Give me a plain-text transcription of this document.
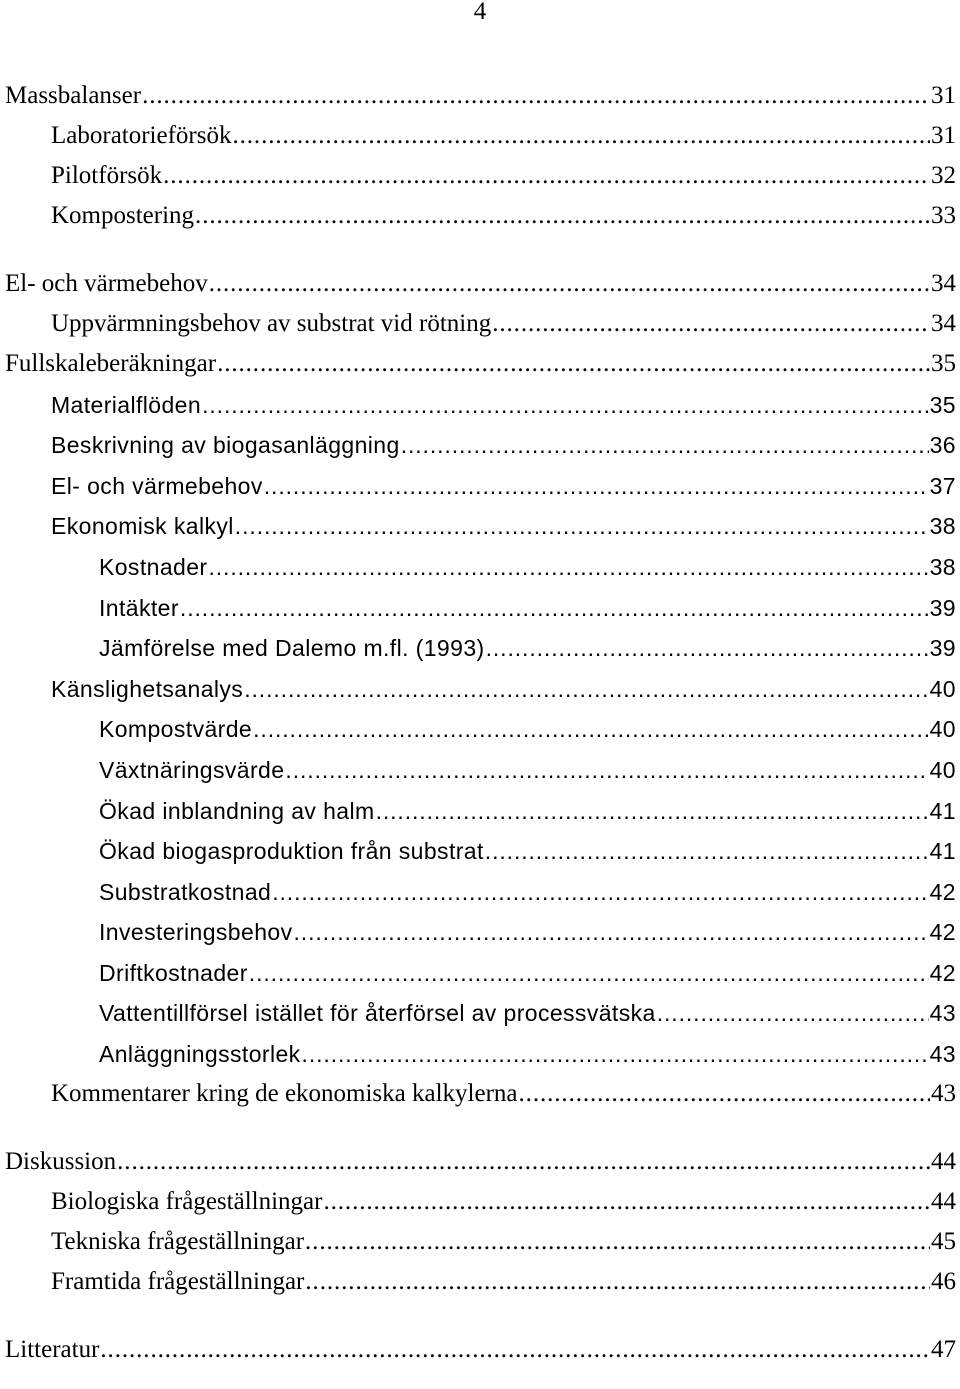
4
Massbalanser .....	31
Laboratorieförsök .....	31
Pilotförsök .....	32
Kompostering .....	33
El- och värmebehov .....	34
Uppvärmningsbehov av substrat vid rötning .....	34
Fullskaleberäkningar .....	35
Materialflöden .....	35
Beskrivning av biogasanläggning .....	36
El- och värmebehov .....	37
Ekonomisk kalkyl .....	38
Kostnader .....	38
Intäkter .....	39
Jämförelse med Dalemo m.fl. (1993) .....	39
Känslighetsanalys .....	40
Kompostvärde .....	40
Växtnäringsvärde .....	40
Ökad inblandning av halm .....	41
Ökad biogasproduktion från substrat .....	41
Substratkostnad .....	42
Investeringsbehov .....	42
Driftkostnader .....	42
Vattentillförsel istället för återförsel av processvätska .....	43
Anläggningsstorlek .....	43
Kommentarer kring de ekonomiska kalkylerna .....	43
Diskussion .....	44
Biologiska frågeställningar .....	44
Tekniska frågeställningar .....	45
Framtida frågeställningar .....	46
Litteratur .....	47
